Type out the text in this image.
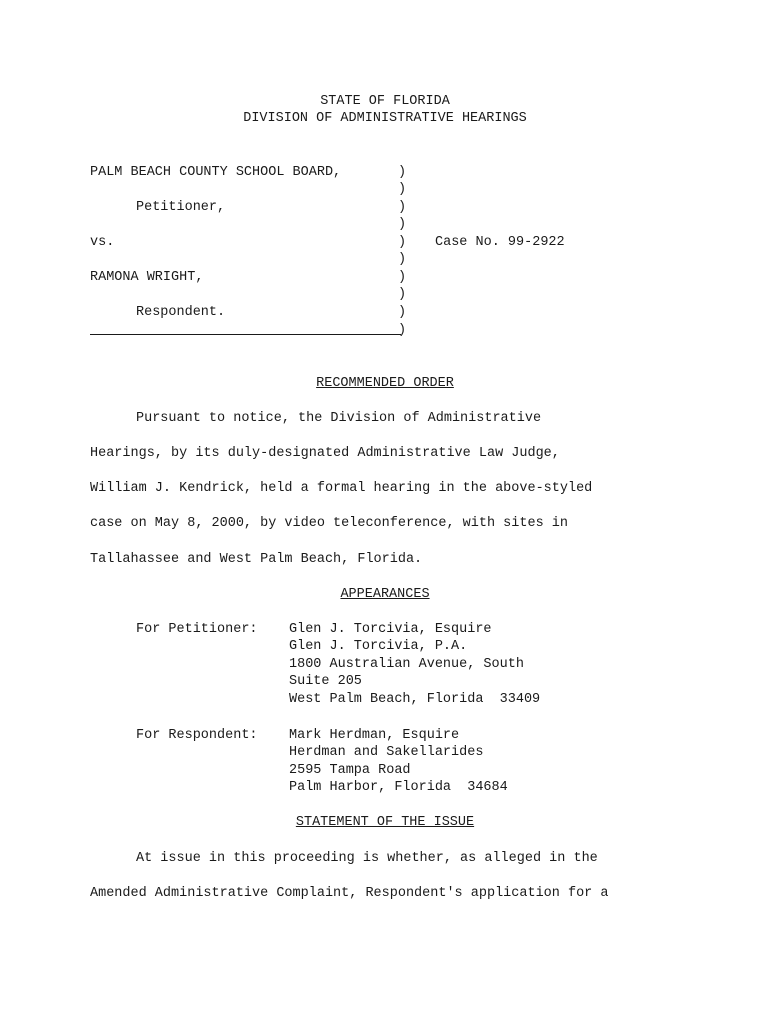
STATE OF FLORIDA
DIVISION OF ADMINISTRATIVE HEARINGS
PALM BEACH COUNTY SCHOOL BOARD,
Petitioner,
vs.
RAMONA WRIGHT,
Respondent.
)
)
)
)
)
)
)
)
)
)
Case No. 99-2922
RECOMMENDED ORDER
Pursuant to notice, the Division of Administrative
Hearings, by its duly-designated Administrative Law Judge,
William J. Kendrick, held a formal hearing in the above-styled
case on May 8, 2000, by video teleconference, with sites in
Tallahassee and West Palm Beach, Florida.
APPEARANCES
For Petitioner: Glen J. Torcivia, Esquire
Glen J. Torcivia, P.A.
1800 Australian Avenue, South
Suite 205
West Palm Beach, Florida  33409
For Respondent: Mark Herdman, Esquire
Herdman and Sakellarides
2595 Tampa Road
Palm Harbor, Florida  34684
STATEMENT OF THE ISSUE
At issue in this proceeding is whether, as alleged in the
Amended Administrative Complaint, Respondent's application for a
